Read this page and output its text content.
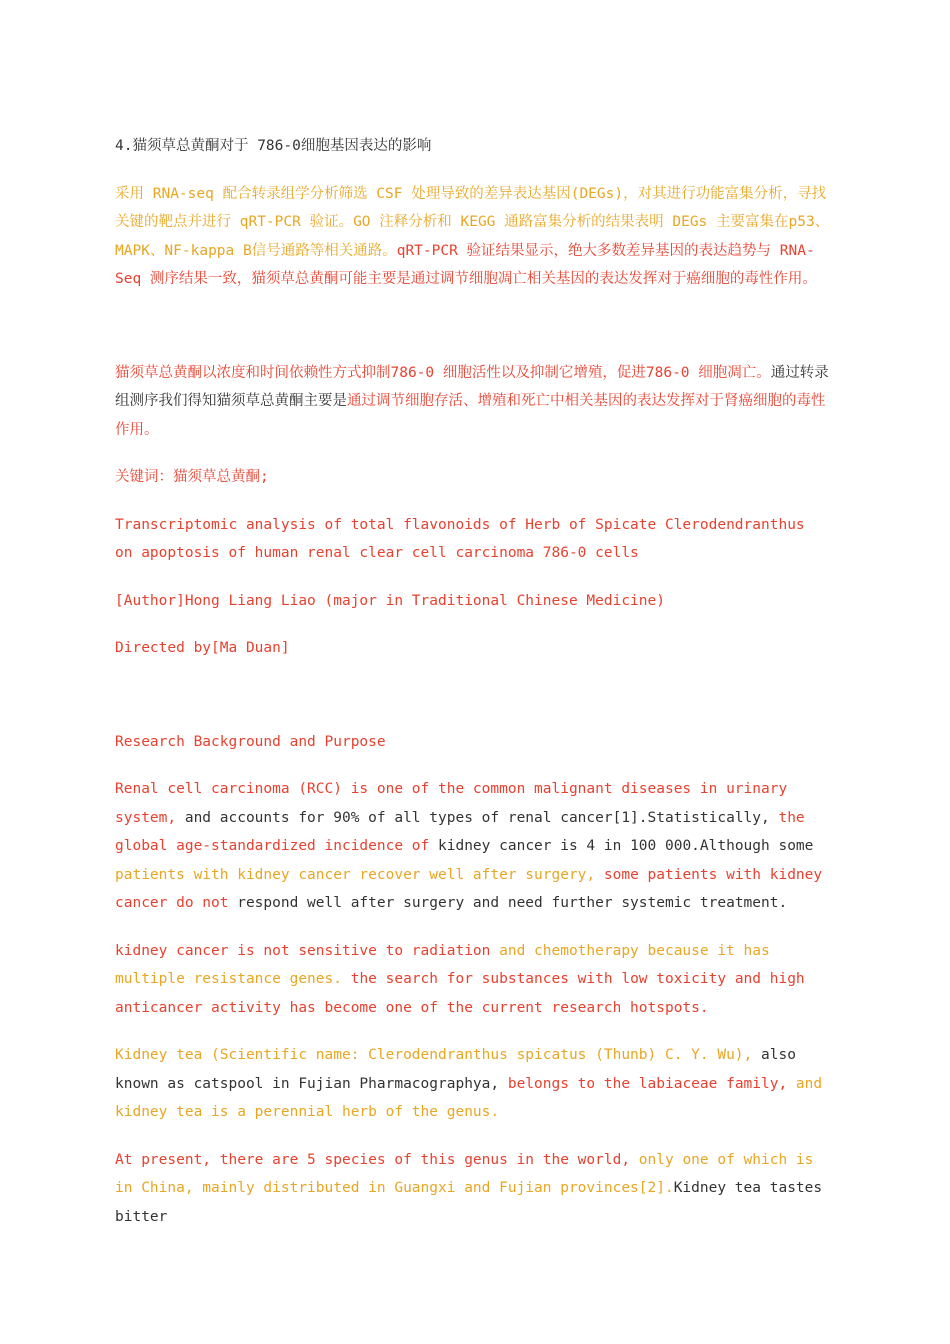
4.猫须草总黄酮对于 786-0细胞基因表达的影响

采用 RNA-seq 配合转录组学分析筛选 CSF 处理导致的差异表达基因(DEGs)，对其进行功能富集分析，寻找关键的靶点并进行 qRT-PCR 验证。GO 注释分析和 KEGG 通路富集分析的结果表明 DEGs 主要富集在p53、MAPK、NF-kappa B信号通路等相关通路。qRT-PCR 验证结果显示，绝大多数差异基因的表达趋势与 RNA-Seq 测序结果一致，猫须草总黄酮可能主要是通过调节细胞凋亡相关基因的表达发挥对于癌细胞的毒性作用。

猫须草总黄酮以浓度和时间依赖性方式抑制786-0 细胞活性以及抑制它增殖，促进786-0 细胞凋亡。通过转录组测序我们得知猫须草总黄酮主要是通过调节细胞存活、增殖和死亡中相关基因的表达发挥对于肾癌细胞的毒性作用。

关键词：猫须草总黄酮;

Transcriptomic analysis of total flavonoids of Herb of Spicate Clerodendranthus on apoptosis of human renal clear cell carcinoma 786-0 cells

[Author]Hong Liang Liao (major in Traditional Chinese Medicine)

Directed by[Ma Duan]

Research Background and Purpose

Renal cell carcinoma (RCC) is one of the common malignant diseases in urinary system, and accounts for 90% of all types of renal cancer[1].Statistically, the global age-standardized incidence of kidney cancer is 4 in 100 000.Although some patients with kidney cancer recover well after surgery, some patients with kidney cancer do not respond well after surgery and need further systemic treatment.

kidney cancer is not sensitive to radiation and chemotherapy because it has multiple resistance genes. the search for substances with low toxicity and high anticancer activity has become one of the current research hotspots.

Kidney tea (Scientific name: Clerodendranthus spicatus (Thunb) C. Y. Wu), also known as catspool in Fujian Pharmacographya, belongs to the labiaceae family, and kidney tea is a perennial herb of the genus.

At present, there are 5 species of this genus in the world, only one of which is in China, mainly distributed in Guangxi and Fujian provinces[2].Kidney tea tastes bitter
